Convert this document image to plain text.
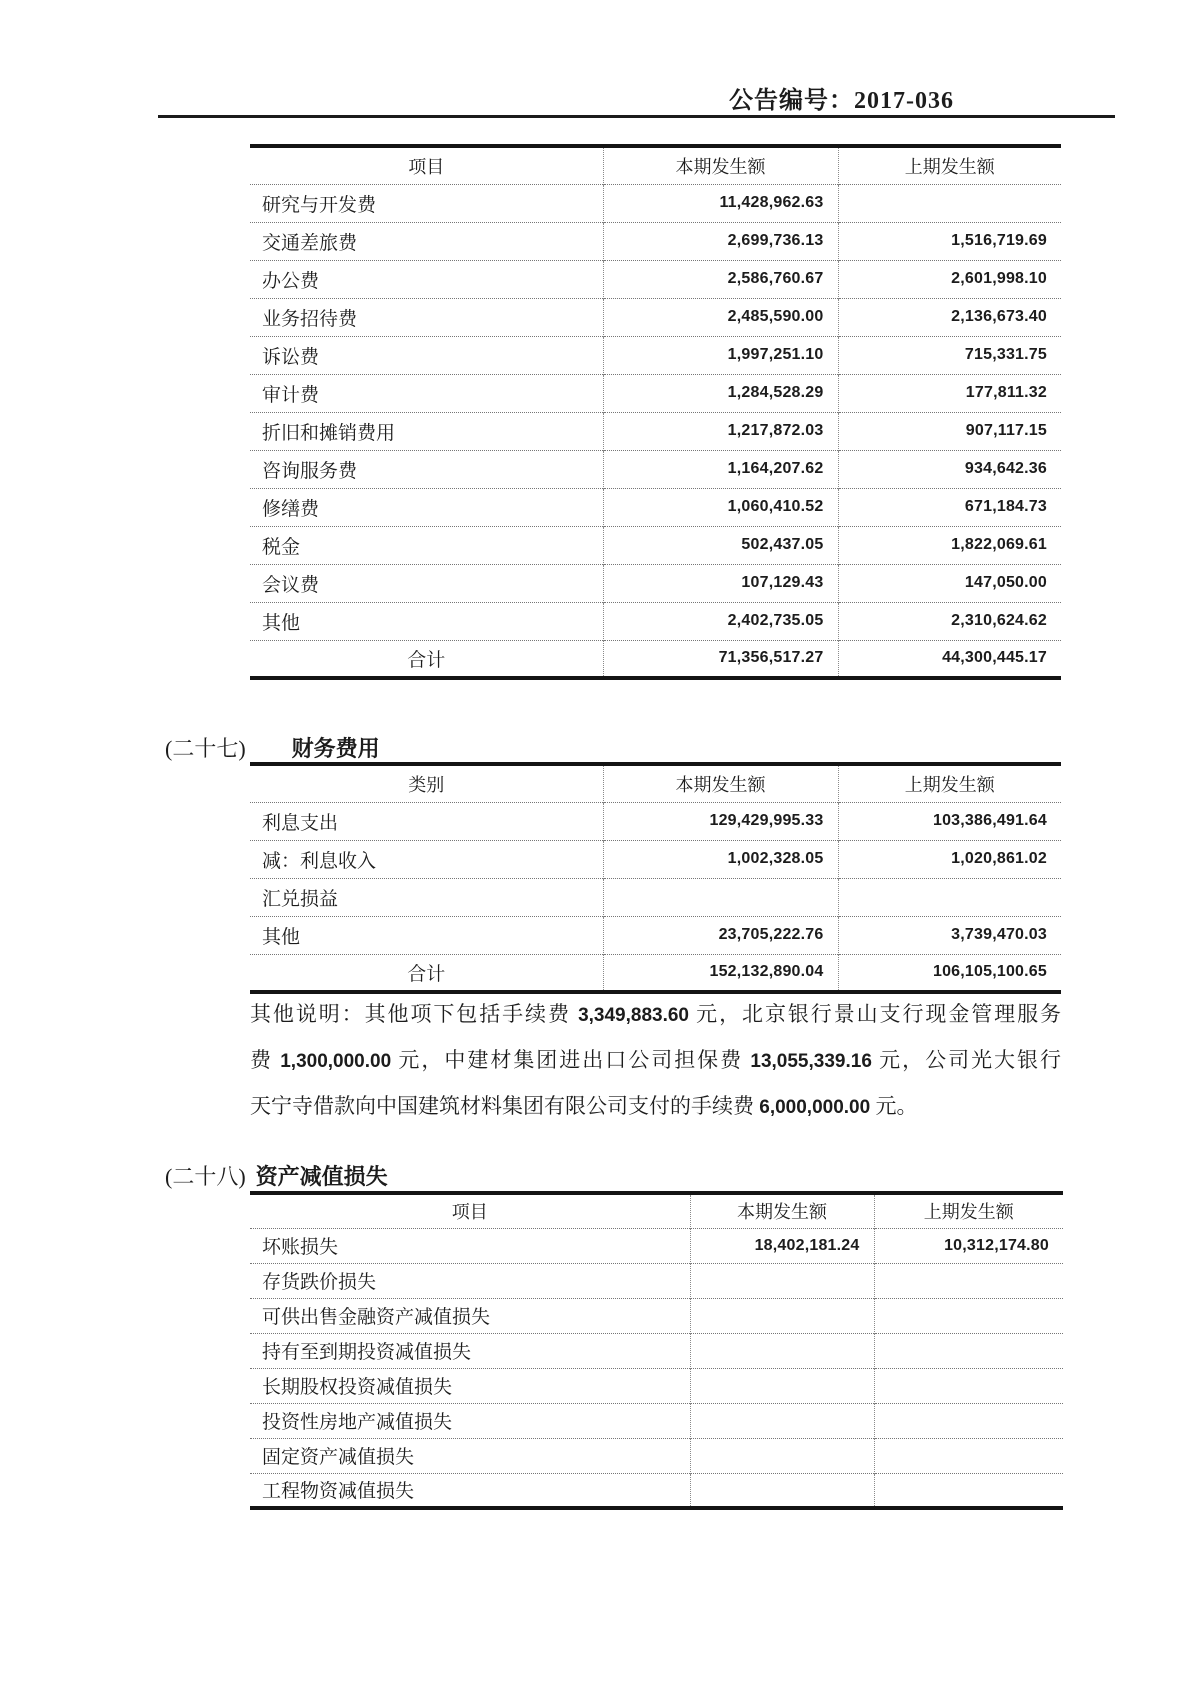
公告编号：2017-036
项目	本期发生额	上期发生额
研究与开发费	11,428,962.63	
交通差旅费	2,699,736.13	1,516,719.69
办公费	2,586,760.67	2,601,998.10
业务招待费	2,485,590.00	2,136,673.40
诉讼费	1,997,251.10	715,331.75
审计费	1,284,528.29	177,811.32
折旧和摊销费用	1,217,872.03	907,117.15
咨询服务费	1,164,207.62	934,642.36
修缮费	1,060,410.52	671,184.73
税金	502,437.05	1,822,069.61
会议费	107,129.43	147,050.00
其他	2,402,735.05	2,310,624.62
合计	71,356,517.27	44,300,445.17
(二十七) 财务费用
类别	本期发生额	上期发生额
利息支出	129,429,995.33	103,386,491.64
减：利息收入	1,002,328.05	1,020,861.02
汇兑损益		
其他	23,705,222.76	3,739,470.03
合计	152,132,890.04	106,105,100.65
其他说明：其他项下包括手续费 3,349,883.60 元，北京银行景山支行现金管理服务
费 1,300,000.00 元，中建材集团进出口公司担保费 13,055,339.16 元，公司光大银行
天宁寺借款向中国建筑材料集团有限公司支付的手续费 6,000,000.00 元。
(二十八) 资产减值损失
项目	本期发生额	上期发生额
坏账损失	18,402,181.24	10,312,174.80
存货跌价损失		
可供出售金融资产减值损失		
持有至到期投资减值损失		
长期股权投资减值损失		
投资性房地产减值损失		
固定资产减值损失		
工程物资减值损失		
